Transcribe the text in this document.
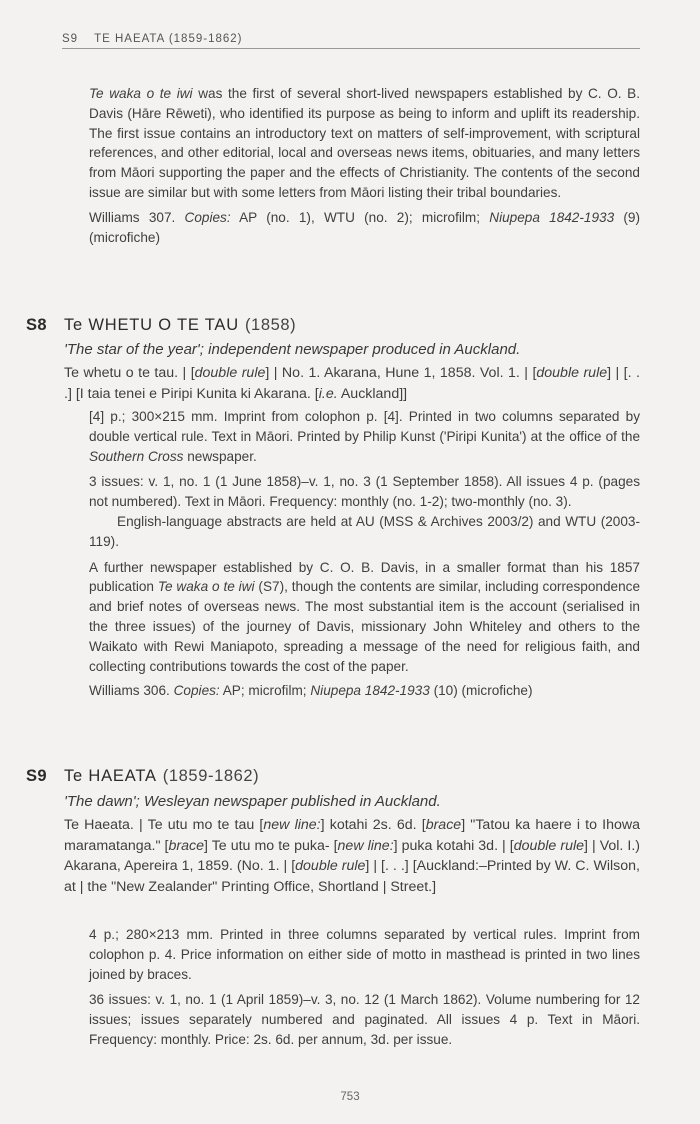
S9 TE HAEATA (1859-1862)

Te waka o te iwi was the first of several short-lived newspapers established by C. O. B. Davis (Hāre Rēweti), who identified its purpose as being to inform and uplift its readership. The first issue contains an introductory text on matters of self-improvement, with scriptural references, and other editorial, local and overseas news items, obituaries, and many letters from Māori supporting the paper and the effects of Christianity. The contents of the second issue are similar but with some letters from Māori listing their tribal boundaries.

Williams 307. Copies: AP (no. 1), WTU (no. 2); microfilm; Niupepa 1842-1933 (9) (microfiche)

S8 Te WHETU O TE TAU (1858)
'The star of the year'; independent newspaper produced in Auckland.

Te whetu o te tau. | [double rule] | No. 1. Akarana, Hune 1, 1858. Vol. 1. | [double rule] | [. . .] [I taia tenei e Piripi Kunita ki Akarana. [i.e. Auckland]]

[4] p.; 300×215 mm. Imprint from colophon p. [4]. Printed in two columns separated by double vertical rule. Text in Māori. Printed by Philip Kunst ('Piripi Kunita') at the office of the Southern Cross newspaper.

3 issues: v. 1, no. 1 (1 June 1858)–v. 1, no. 3 (1 September 1858). All issues 4 p. (pages not numbered). Text in Māori. Frequency: monthly (no. 1-2); two-monthly (no. 3).

English-language abstracts are held at AU (MSS & Archives 2003/2) and WTU (2003-119).

A further newspaper established by C. O. B. Davis, in a smaller format than his 1857 publication Te waka o te iwi (S7), though the contents are similar, including correspondence and brief notes of overseas news. The most substantial item is the account (serialised in the three issues) of the journey of Davis, missionary John Whiteley and others to the Waikato with Rewi Maniapoto, spreading a message of the need for religious faith, and collecting contributions towards the cost of the paper.

Williams 306. Copies: AP; microfilm; Niupepa 1842-1933 (10) (microfiche)

S9 Te HAEATA (1859-1862)
'The dawn'; Wesleyan newspaper published in Auckland.

Te Haeata. | Te utu mo te tau [new line:] kotahi 2s. 6d. [brace] "Tatou ka haere i to Ihowa maramatanga." [brace] Te utu mo te puka- [new line:] puka kotahi 3d. | [double rule] | Vol. I.) Akarana, Apereira 1, 1859. (No. 1. | [double rule] | [. . .] [Auckland:–Printed by W. C. Wilson, at | the "New Zealander" Printing Office, Shortland | Street.]

4 p.; 280×213 mm. Printed in three columns separated by vertical rules. Imprint from colophon p. 4. Price information on either side of motto in masthead is printed in two lines joined by braces.

36 issues: v. 1, no. 1 (1 April 1859)–v. 3, no. 12 (1 March 1862). Volume numbering for 12 issues; issues separately numbered and paginated. All issues 4 p. Text in Māori. Frequency: monthly. Price: 2s. 6d. per annum, 3d. per issue.

753
